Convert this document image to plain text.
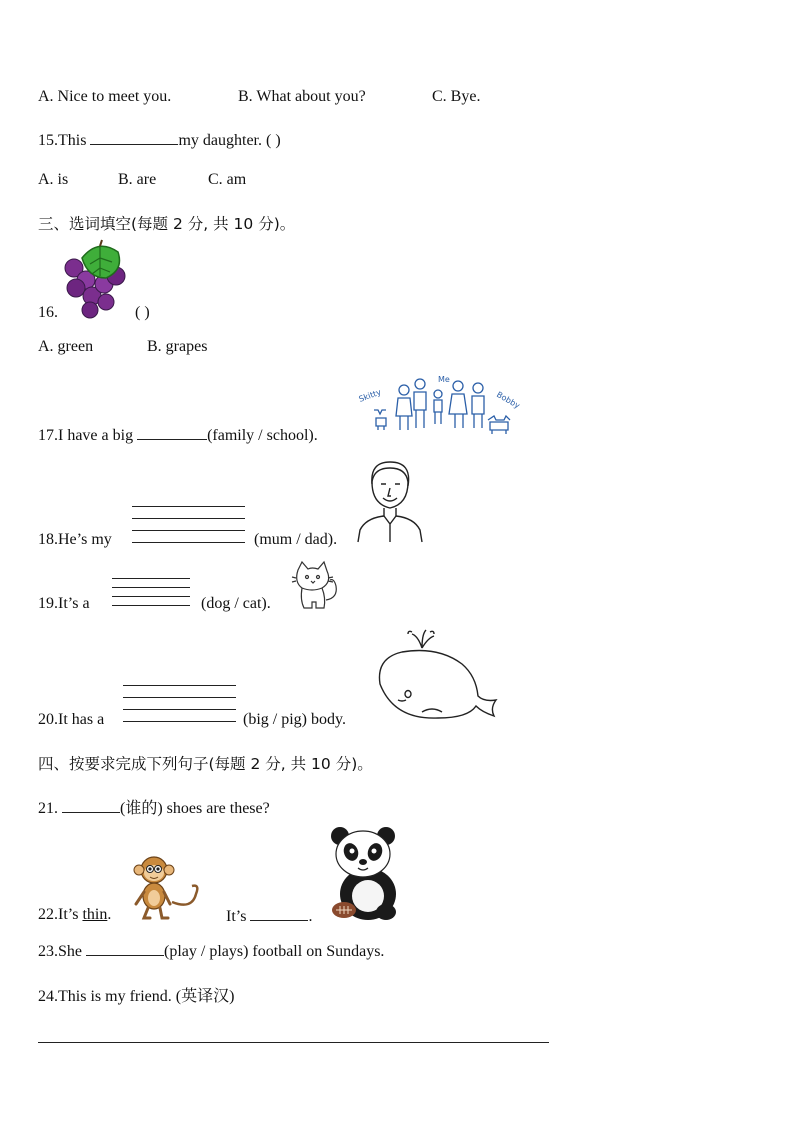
A. Nice to meet you.	B. What about you?	C. Bye.
15.This	my daughter. ( )
A. is	B. are	C. am
三、选词填空(每题 2 分, 共 10 分)。
16.	( )
A. green	B. grapes
Skitty
Me
Bobby
17.I have a big	(family / school).
18.He’s my	(mum / dad).
19.It’s a	(dog / cat).
20.It has a	(big / pig) body.
四、按要求完成下列句子(每题 2 分, 共 10 分)。
21.	(谁的) shoes are these?
22.It’s thin.	It’s	.
23.She	(play / plays) football on Sundays.
24.This is my friend. (英译汉)
